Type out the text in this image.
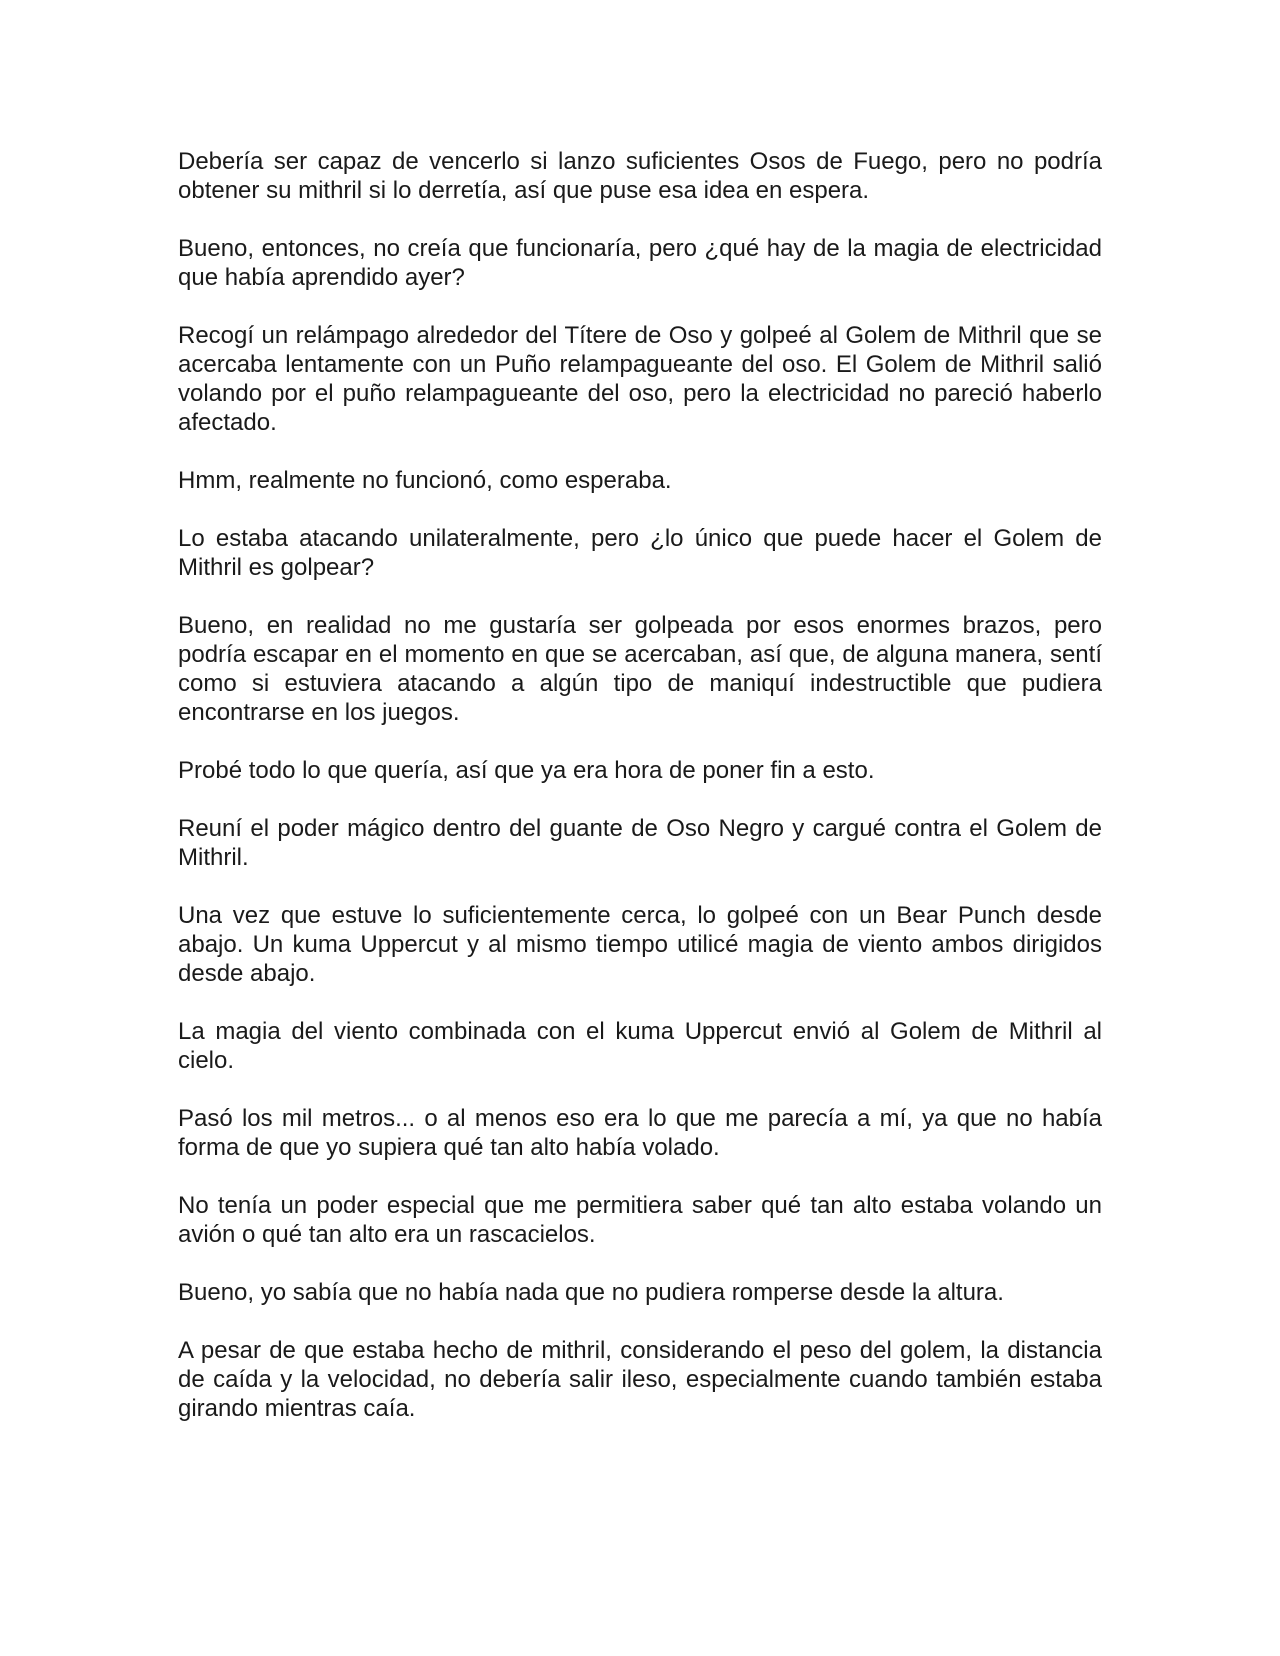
Debería ser capaz de vencerlo si lanzo suficientes Osos de Fuego, pero no podría obtener su mithril si lo derretía, así que puse esa idea en espera.

Bueno, entonces, no creía que funcionaría, pero ¿qué hay de la magia de electricidad que había aprendido ayer?

Recogí un relámpago alrededor del Títere de Oso y golpeé al Golem de Mithril que se acercaba lentamente con un Puño relampagueante del oso. El Golem de Mithril salió volando por el puño relampagueante del oso, pero la electricidad no pareció haberlo afectado.

Hmm, realmente no funcionó, como esperaba.

Lo estaba atacando unilateralmente, pero ¿lo único que puede hacer el Golem de Mithril es golpear?

Bueno, en realidad no me gustaría ser golpeada por esos enormes brazos, pero podría escapar en el momento en que se acercaban, así que, de alguna manera, sentí como si estuviera atacando a algún tipo de maniquí indestructible que pudiera encontrarse en los juegos.

Probé todo lo que quería, así que ya era hora de poner fin a esto.

Reuní el poder mágico dentro del guante de Oso Negro y cargué contra el Golem de Mithril.

Una vez que estuve lo suficientemente cerca, lo golpeé con un Bear Punch desde abajo. Un kuma Uppercut y al mismo tiempo utilicé magia de viento ambos dirigidos desde abajo.

La magia del viento combinada con el kuma Uppercut envió al Golem de Mithril al cielo.

Pasó los mil metros... o al menos eso era lo que me parecía a mí, ya que no había forma de que yo supiera qué tan alto había volado.

No tenía un poder especial que me permitiera saber qué tan alto estaba volando un avión o qué tan alto era un rascacielos.

Bueno, yo sabía que no había nada que no pudiera romperse desde la altura.

A pesar de que estaba hecho de mithril, considerando el peso del golem, la distancia de caída y la velocidad, no debería salir ileso, especialmente cuando también estaba girando mientras caía.
